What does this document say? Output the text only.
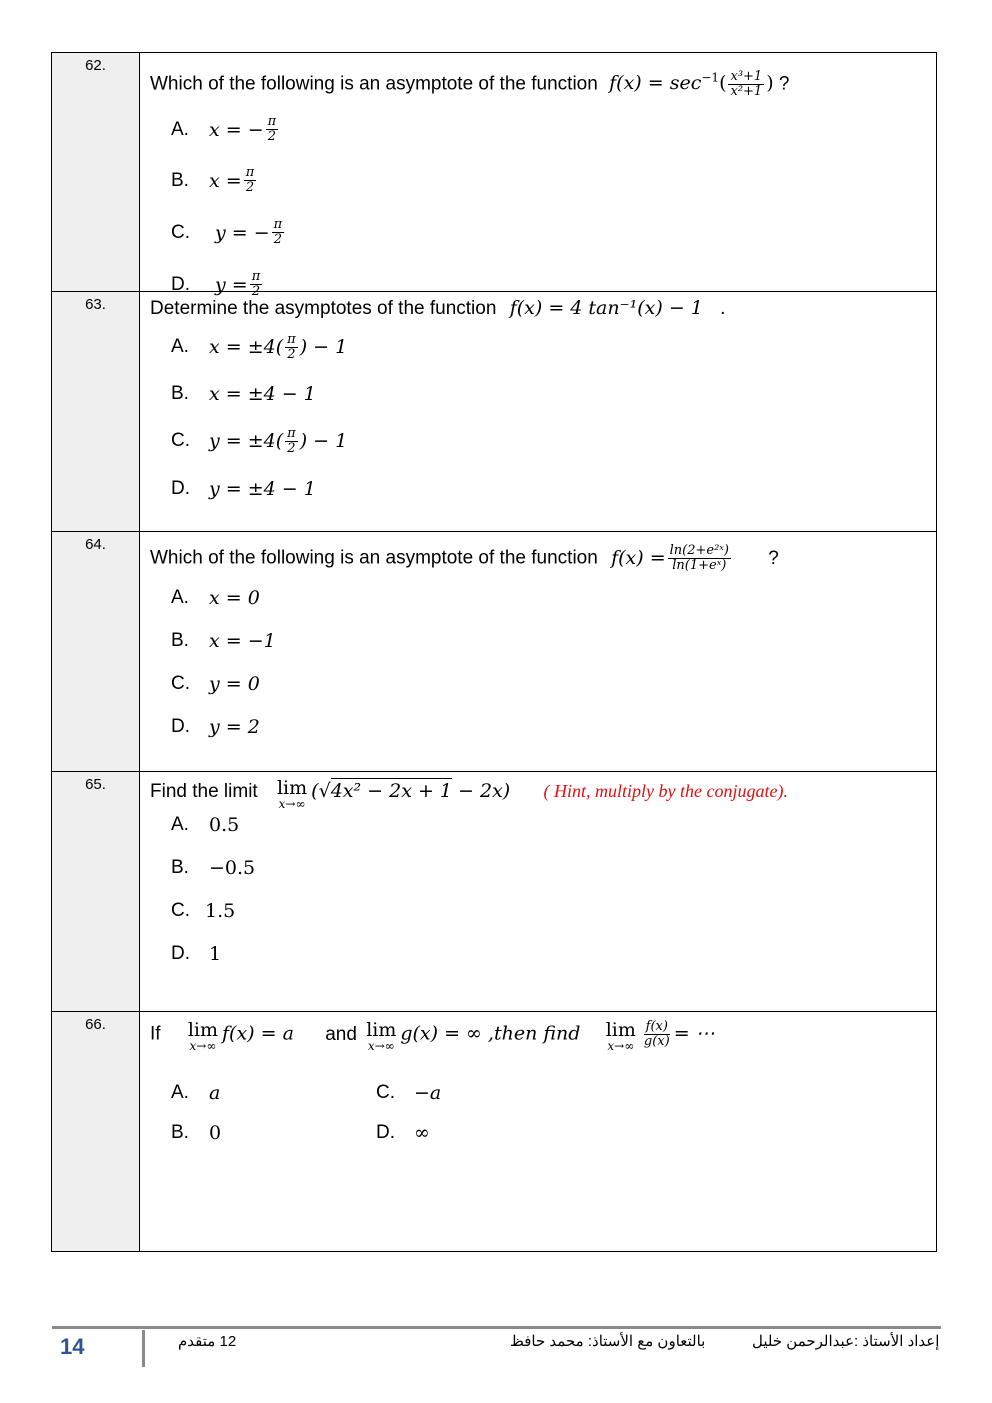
62.
Which of the following is an asymptote of the function $f(x) = \sec^{-1}( \frac{\text{x³+1}}{\text{x²+1}}$ ) ?
A.	x = − $\frac{\pi}{2}$
B.	$x = \frac{\pi}{2}$
C.	y = − $\frac{\pi}{2}$
D.	$y = \frac{\pi}{2}$
63.	Determine the asymptotes of the function f(x) = 4 tan⁻¹(x) − 1 .
A.	$x = \pm 4( \frac{\pi}{2}$ ) − 1
B.	x = ±4 − 1
C.	$y = \pm 4( \frac{\pi}{2}$ ) − 1
D.	y = ±4 − 1
64.
Which of the following is an asymptote of the function $f(x) = \frac{\text{ln(2+e²ˣ)}}{\text{ln(1+eˣ)}}$ ?
A.	x = 0
B.	x = −1
C.	y = 0
D.	y = 2
65.	Find the limit lim
x→∞
(√4x² − 2x + 1 − 2x) ( Hint, multiply by the conjugate).
A.	0.5
B.	−0.5
C. 1.5
D.	1
66.	If lim
x→∞
f(x) = a and lim
x→∞
g(x) = ∞ ,then find lim
$x\to\infty \frac{f(x)}{g(x)}$ = ⋯
A.	a	C.	−a
B.	0	D.	∞
14	12 متقدم	بالتعاون مع الأستاذ: محمد حافظ	إعداد الأستاذ :عبدالرحمن خليل
